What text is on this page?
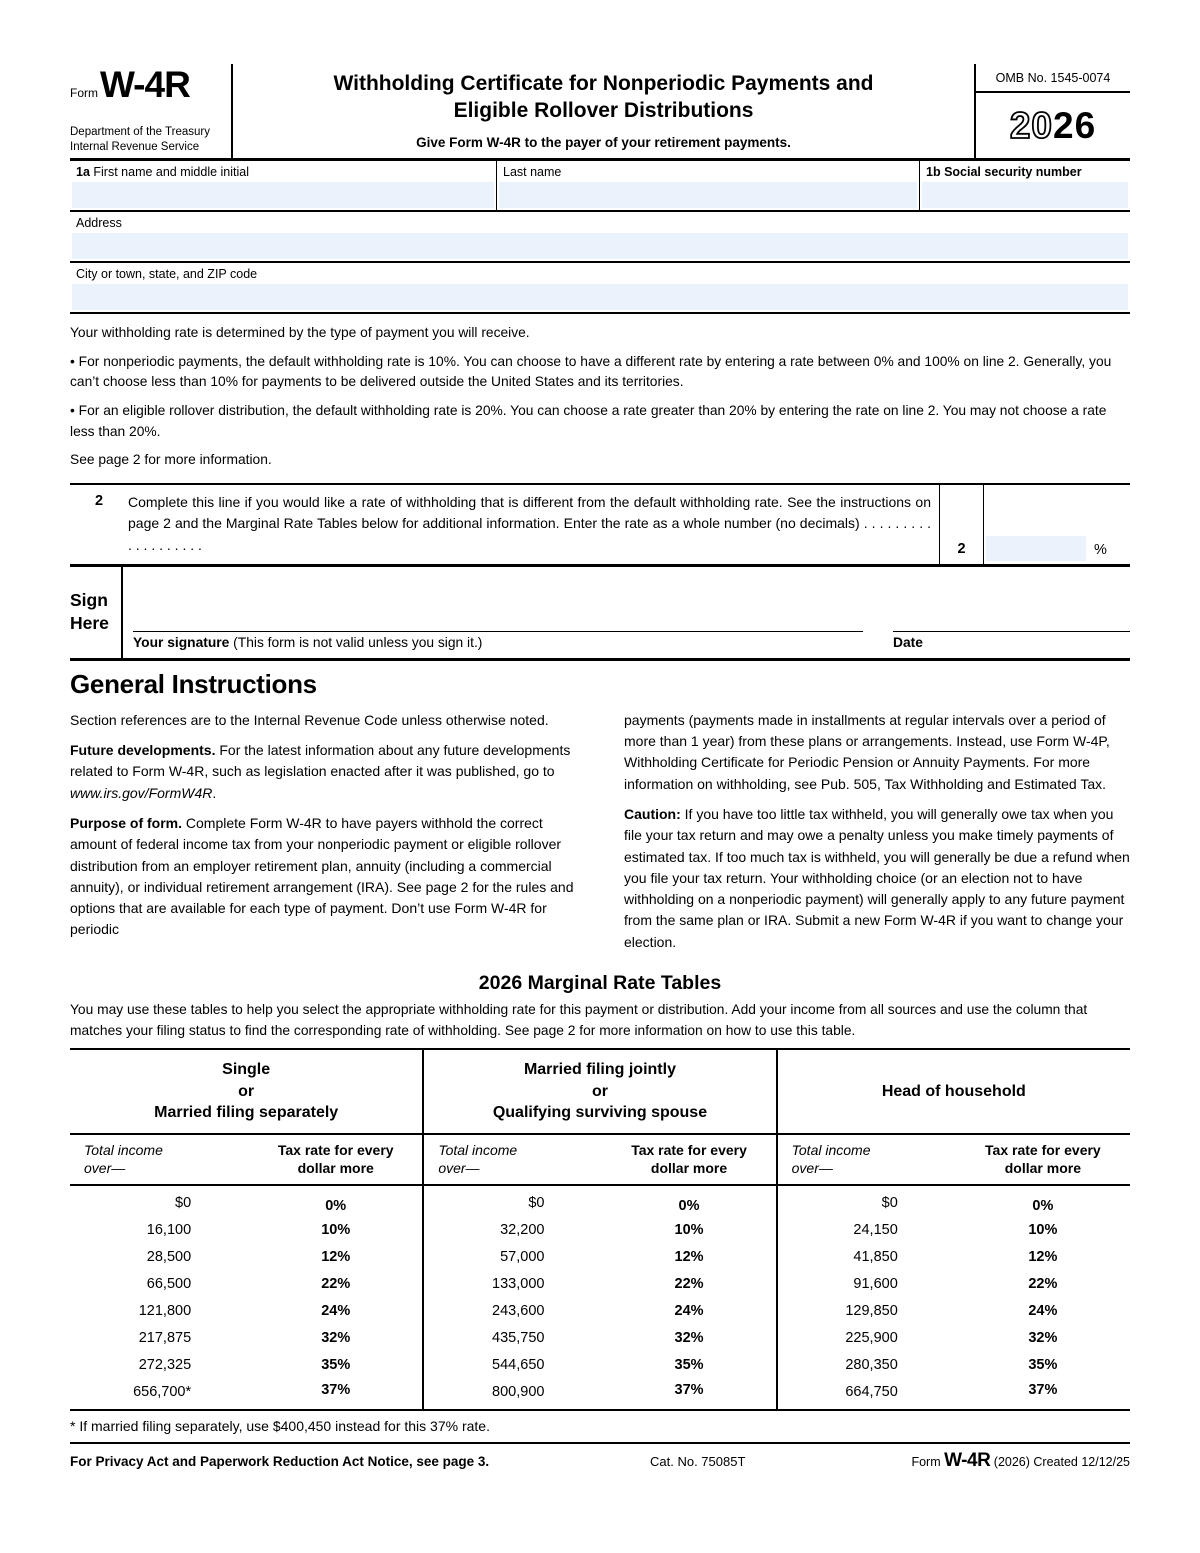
Form W-4R
Department of the Treasury
Internal Revenue Service
Withholding Certificate for Nonperiodic Payments and
Eligible Rollover Distributions
Give Form W-4R to the payer of your retirement payments.
OMB No. 1545-0074
20 26
1a First name and middle initial	Last name	1b Social security number
Address
City or town, state, and ZIP code

Your withholding rate is determined by the type of payment you will receive.

• For nonperiodic payments, the default withholding rate is 10%. You can choose to have a different rate by entering a rate between 0% and 100% on line 2. Generally, you can’t choose less than 10% for payments to be delivered outside the United States and its territories.

• For an eligible rollover distribution, the default withholding rate is 20%. You can choose a rate greater than 20% by entering the rate on line 2. You may not choose a rate less than 20%.

See page 2 for more information.

2	Complete this line if you would like a rate of withholding that is different from the default withholding rate. See the instructions on page 2 and the Marginal Rate Tables below for additional information. Enter the rate as a whole number (no decimals) . . . . . . . . . . . . . . . . . . .	2	%
Sign
Here
Your signature (This form is not valid unless you sign it.)	Date
General Instructions

Section references are to the Internal Revenue Code unless otherwise noted.

Future developments. For the latest information about any future developments related to Form W-4R, such as legislation enacted after it was published, go to www.irs.gov/FormW4R.

Purpose of form. Complete Form W-4R to have payers withhold the correct amount of federal income tax from your nonperiodic payment or eligible rollover distribution from an employer retirement plan, annuity (including a commercial annuity), or individual retirement arrangement (IRA). See page 2 for the rules and options that are available for each type of payment. Don’t use Form W-4R for periodic

payments (payments made in installments at regular intervals over a period of more than 1 year) from these plans or arrangements. Instead, use Form W-4P, Withholding Certificate for Periodic Pension or Annuity Payments. For more information on withholding, see Pub. 505, Tax Withholding and Estimated Tax.

Caution: If you have too little tax withheld, you will generally owe tax when you file your tax return and may owe a penalty unless you make timely payments of estimated tax. If too much tax is withheld, you will generally be due a refund when you file your tax return. Your withholding choice (or an election not to have withholding on a nonperiodic payment) will generally apply to any future payment from the same plan or IRA. Submit a new Form W-4R if you want to change your election.

2026 Marginal Rate Tables

You may use these tables to help you select the appropriate withholding rate for this payment or distribution. Add your income from all sources and use the column that matches your filing status to find the corresponding rate of withholding. See page 2 for more information on how to use this table.

Single
or
Married filing separately

Married filing jointly
or
Qualifying surviving spouse

Head of household

Total income
over—

Tax rate for every
dollar more

Total income
over—

Tax rate for every
dollar more

Total income
over—

Tax rate for every
dollar more

$0	0%	$0	0%	$0	0%
16,100	10%	32,200	10%	24,150	10%
28,500	12%	57,000	12%	41,850	12%
66,500	22%	133,000	22%	91,600	22%
121,800	24%	243,600	24%	129,850	24%
217,875	32%	435,750	32%	225,900	32%
272,325	35%	544,650	35%	280,350	35%
656,700*	37%	800,900	37%	664,750	37%

* If married filing separately, use $400,450 instead for this 37% rate.

For Privacy Act and Paperwork Reduction Act Notice, see page 3.	Cat. No. 75085T	Form W-4R (2026) Created 12/12/25
